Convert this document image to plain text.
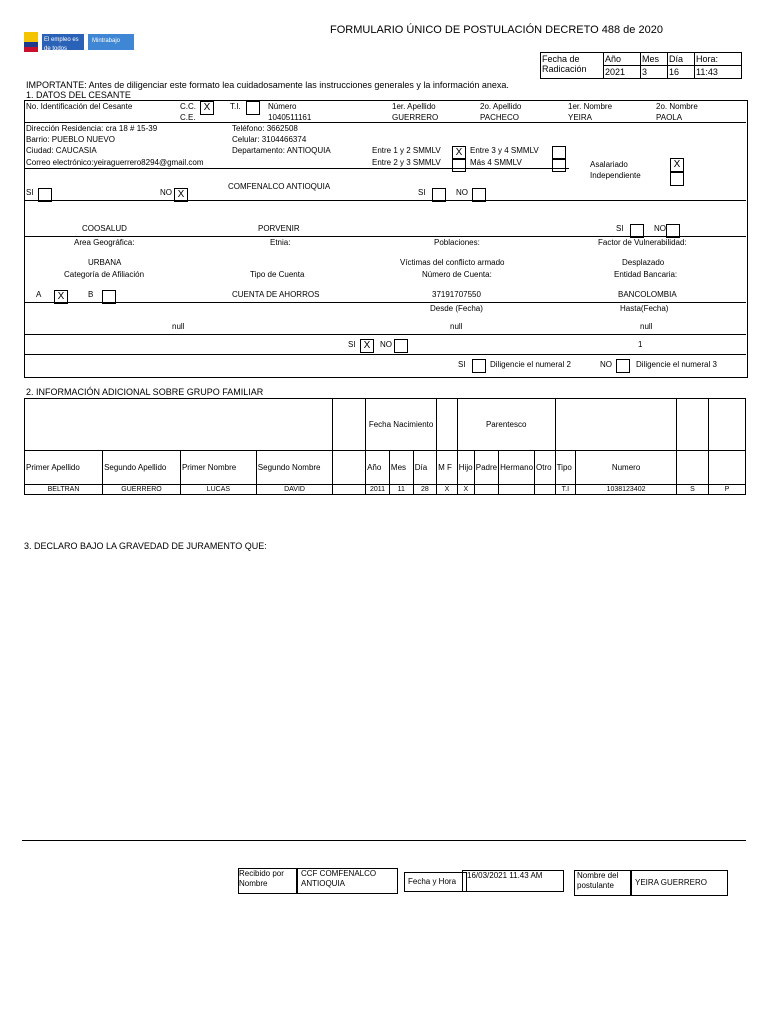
El empleo es de todos
Mintrabajo
FORMULARIO ÚNICO DE POSTULACIÓN DECRETO 488 de 2020
Fecha de Radicación	Año	Mes	Día	Hora:
	2021	3	16	11:43
IMPORTANTE: Antes de diligenciar este formato lea cuidadosamente las instrucciones generales y la información anexa.
1. DATOS DEL CESANTE
No. Identificación del Cesante	C.C. X	T.I.	Número
C.E.	1040511161
1er. Apellido
GUERRERO
2o. Apellido
PACHECO
1er. Nombre
YEIRA
2o. Nombre
PAOLA
Dirección Residencia: cra 18 # 15-39
Barrio: PUEBLO NUEVO
Ciudad: CAUCASIA
Correo electrónico:yeiraguerrero8294@gmail.com
Teléfono: 3662508
Celular: 3104466374
Departamento: ANTIOQUIA	Entre 1 y 2 SMMLV	X Entre 3 y 4 SMMLV
Entre 2 y 3 SMMLV	Más 4 SMMLV	Asalariado	X
Independiente
SI	NO X
COMFENALCO ANTIOQUIA
SI	NO
COOSALUD	PORVENIR	SI	NO
Area Geográfica:
URBANA
Etnia:	Poblaciones:
Víctimas del conflicto armado
Factor de Vulnerabilidad:
Desplazado
Categoría de Afiliación
A	X	B
Tipo de Cuenta
CUENTA DE AHORROS
Número de Cuenta:
37191707550
Entidad Bancaria:
BANCOLOMBIA
Desde (Fecha)	Hasta(Fecha)
null	null	null
SI X	NO	1
SI	Diligencie el numeral 2	NO	Diligencie el numeral 3
2. INFORMACIÓN ADICIONAL SOBRE GRUPO FAMILIAR
					Fecha Nacimiento				Parentesco							
Primer Apellido	Segundo Apellido	Primer Nombre	Segundo Nombre		Año	Mes	Día	M F	Hijo	Padre	Hermano	Otro	Tipo	Numero		
BELTRAN	GUERRERO	LUCAS	DAVID		2011	11	28	X	X				T.I	1038123402	S	P
3. DECLARO BAJO LA GRAVEDAD DE JURAMENTO QUE:
Recibido por Nombre
CCF COMFENALCO ANTIOQUIA	Fecha y Hora
16/03/2021 11.43 AM	Nombre del postulante	YEIRA GUERRERO
